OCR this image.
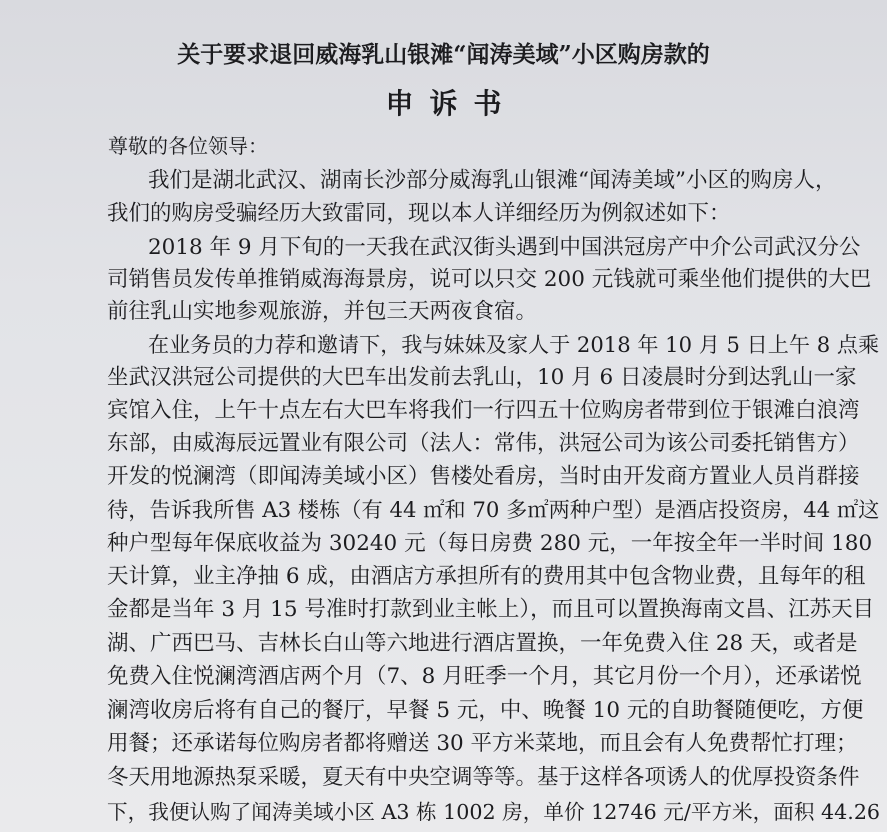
关于要求退回威海乳山银滩“闻涛美域”小区购房款的
申诉书
尊敬的各位领导：
我们是湖北武汉、湖南长沙部分威海乳山银滩“闻涛美域”小区的购房人，
我们的购房受骗经历大致雷同，现以本人详细经历为例叙述如下：
2018 年 9 月下旬的一天我在武汉街头遇到中国洪冠房产中介公司武汉分公
司销售员发传单推销威海海景房，说可以只交 200 元钱就可乘坐他们提供的大巴
前往乳山实地参观旅游，并包三天两夜食宿。
在业务员的力荐和邀请下，我与妹妹及家人于 2018 年 10 月 5 日上午 8 点乘
坐武汉洪冠公司提供的大巴车出发前去乳山，10 月 6 日凌晨时分到达乳山一家
宾馆入住，上午十点左右大巴车将我们一行四五十位购房者带到位于银滩白浪湾
东部，由威海辰远置业有限公司（法人：常伟，洪冠公司为该公司委托销售方）
开发的悦澜湾（即闻涛美域小区）售楼处看房，当时由开发商方置业人员肖群接
待，告诉我所售 A3 楼栋（有 44 ㎡和 70 多㎡两种户型）是酒店投资房，44 ㎡这
种户型每年保底收益为 30240 元（每日房费 280 元，一年按全年一半时间 180
天计算，业主净抽 6 成，由酒店方承担所有的费用其中包含物业费，且每年的租
金都是当年 3 月 15 号准时打款到业主帐上），而且可以置换海南文昌、江苏天目
湖、广西巴马、吉林长白山等六地进行酒店置换，一年免费入住 28 天，或者是
免费入住悦澜湾酒店两个月（7、8 月旺季一个月，其它月份一个月），还承诺悦
澜湾收房后将有自己的餐厅，早餐 5 元，中、晚餐 10 元的自助餐随便吃，方便
用餐；还承诺每位购房者都将赠送 30 平方米菜地，而且会有人免费帮忙打理；
冬天用地源热泵采暖，夏天有中央空调等等。基于这样各项诱人的优厚投资条件
下，我便认购了闻涛美域小区 A3 栋 1002 房，单价 12746 元/平方米，面积 44.26
